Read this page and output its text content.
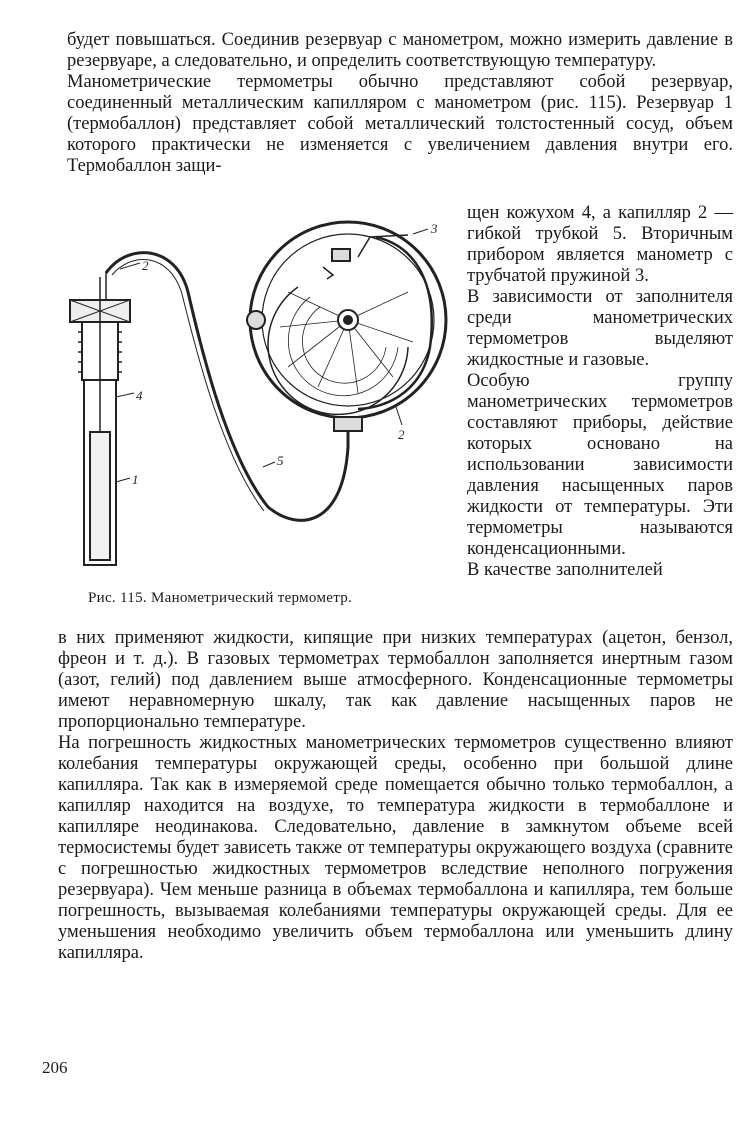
будет повышаться. Соединив резервуар с манометром, можно измерить давление в резервуаре, а следовательно, и определить соответствующую температуру.
Манометрические термометры обычно представляют собой резервуар, соединенный металлическим капилляром с манометром (рис. 115). Резервуар 1 (термобаллон) представляет собой металлический толстостенный сосуд, объем которого практически не изменяется с увеличением давления внутри его. Термобаллон защи-

2
4
1
5
3
2

Рис. 115. Манометрический термометр.

щен кожухом 4, а капилляр 2 — гибкой трубкой 5. Вторичным прибором является манометр с трубчатой пружиной 3.
В зависимости от заполнителя среди манометрических термометров выделяют жидкостные и газовые.
Особую группу манометрических термометров составляют приборы, действие которых основано на использовании зависимости давления насыщенных паров жидкости от температуры. Эти термометры называются конденсационными.
В качестве заполнителей

в них применяют жидкости, кипящие при низких температурах (ацетон, бензол, фреон и т. д.). В газовых термометрах термобаллон заполняется инертным газом (азот, гелий) под давлением выше атмосферного. Конденсационные термометры имеют неравномерную шкалу, так как давление насыщенных паров не пропорционально температуре.
На погрешность жидкостных манометрических термометров существенно влияют колебания температуры окружающей среды, особенно при большой длине капилляра. Так как в измеряемой среде помещается обычно только термобаллон, а капилляр находится на воздухе, то температура жидкости в термобаллоне и капилляре неодинакова. Следовательно, давление в замкнутом объеме всей термосистемы будет зависеть также от температуры окружающего воздуха (сравните с погрешностью жидкостных термометров вследствие неполного погружения резервуара). Чем меньше разница в объемах термобаллона и капилляра, тем больше погрешность, вызываемая колебаниями температуры окружающей среды. Для ее уменьшения необходимо увеличить объем термобаллона или уменьшить длину капилляра.

206
